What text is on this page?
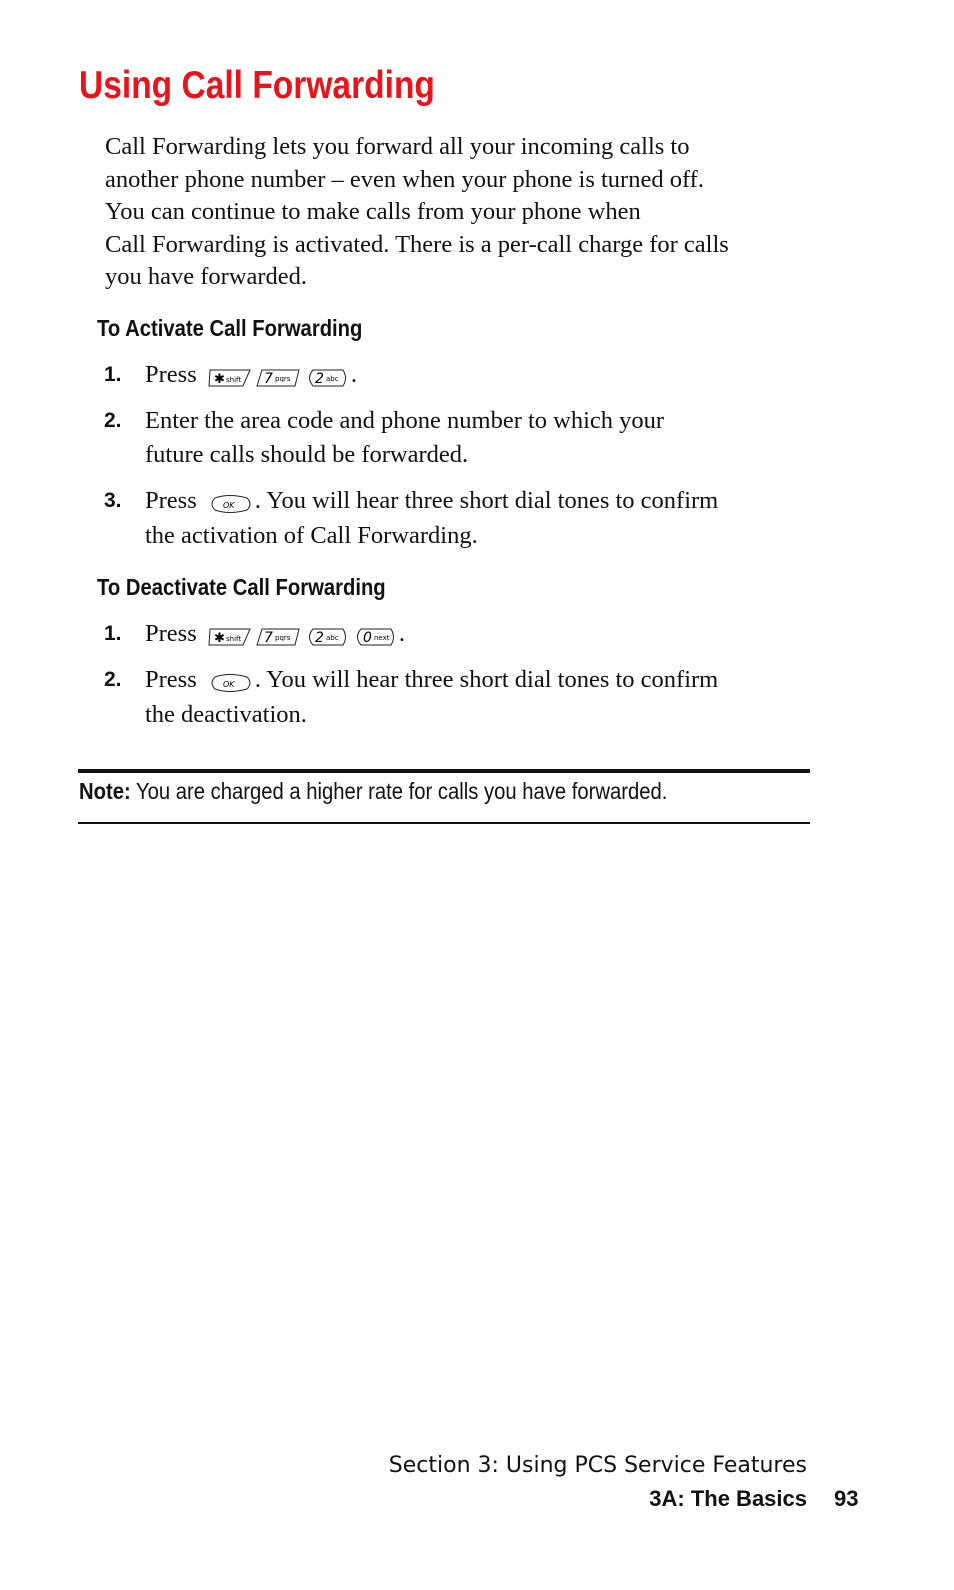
Using Call Forwarding
Call Forwarding lets you forward all your incoming calls to
another phone number – even when your phone is turned off.
You can continue to make calls from your phone when
Call Forwarding is activated. There is a per-call charge for calls
you have forwarded.
To Activate Call Forwarding
1. Press ✱ shift 7 pqrs 2 abc .
2. Enter the area code and phone number to which your
future calls should be forwarded.
3. Press	OK . You will hear three short dial tones to confirm
the activation of Call Forwarding.
To Deactivate Call Forwarding
1. Press ✱ shift 7 pqrs 2 abc 0 next .
2. Press	OK . You will hear three short dial tones to confirm
the deactivation.

Note: You are charged a higher rate for calls you have forwarded.

Section 3: Using PCS Service Features
3A: The Basics 93
